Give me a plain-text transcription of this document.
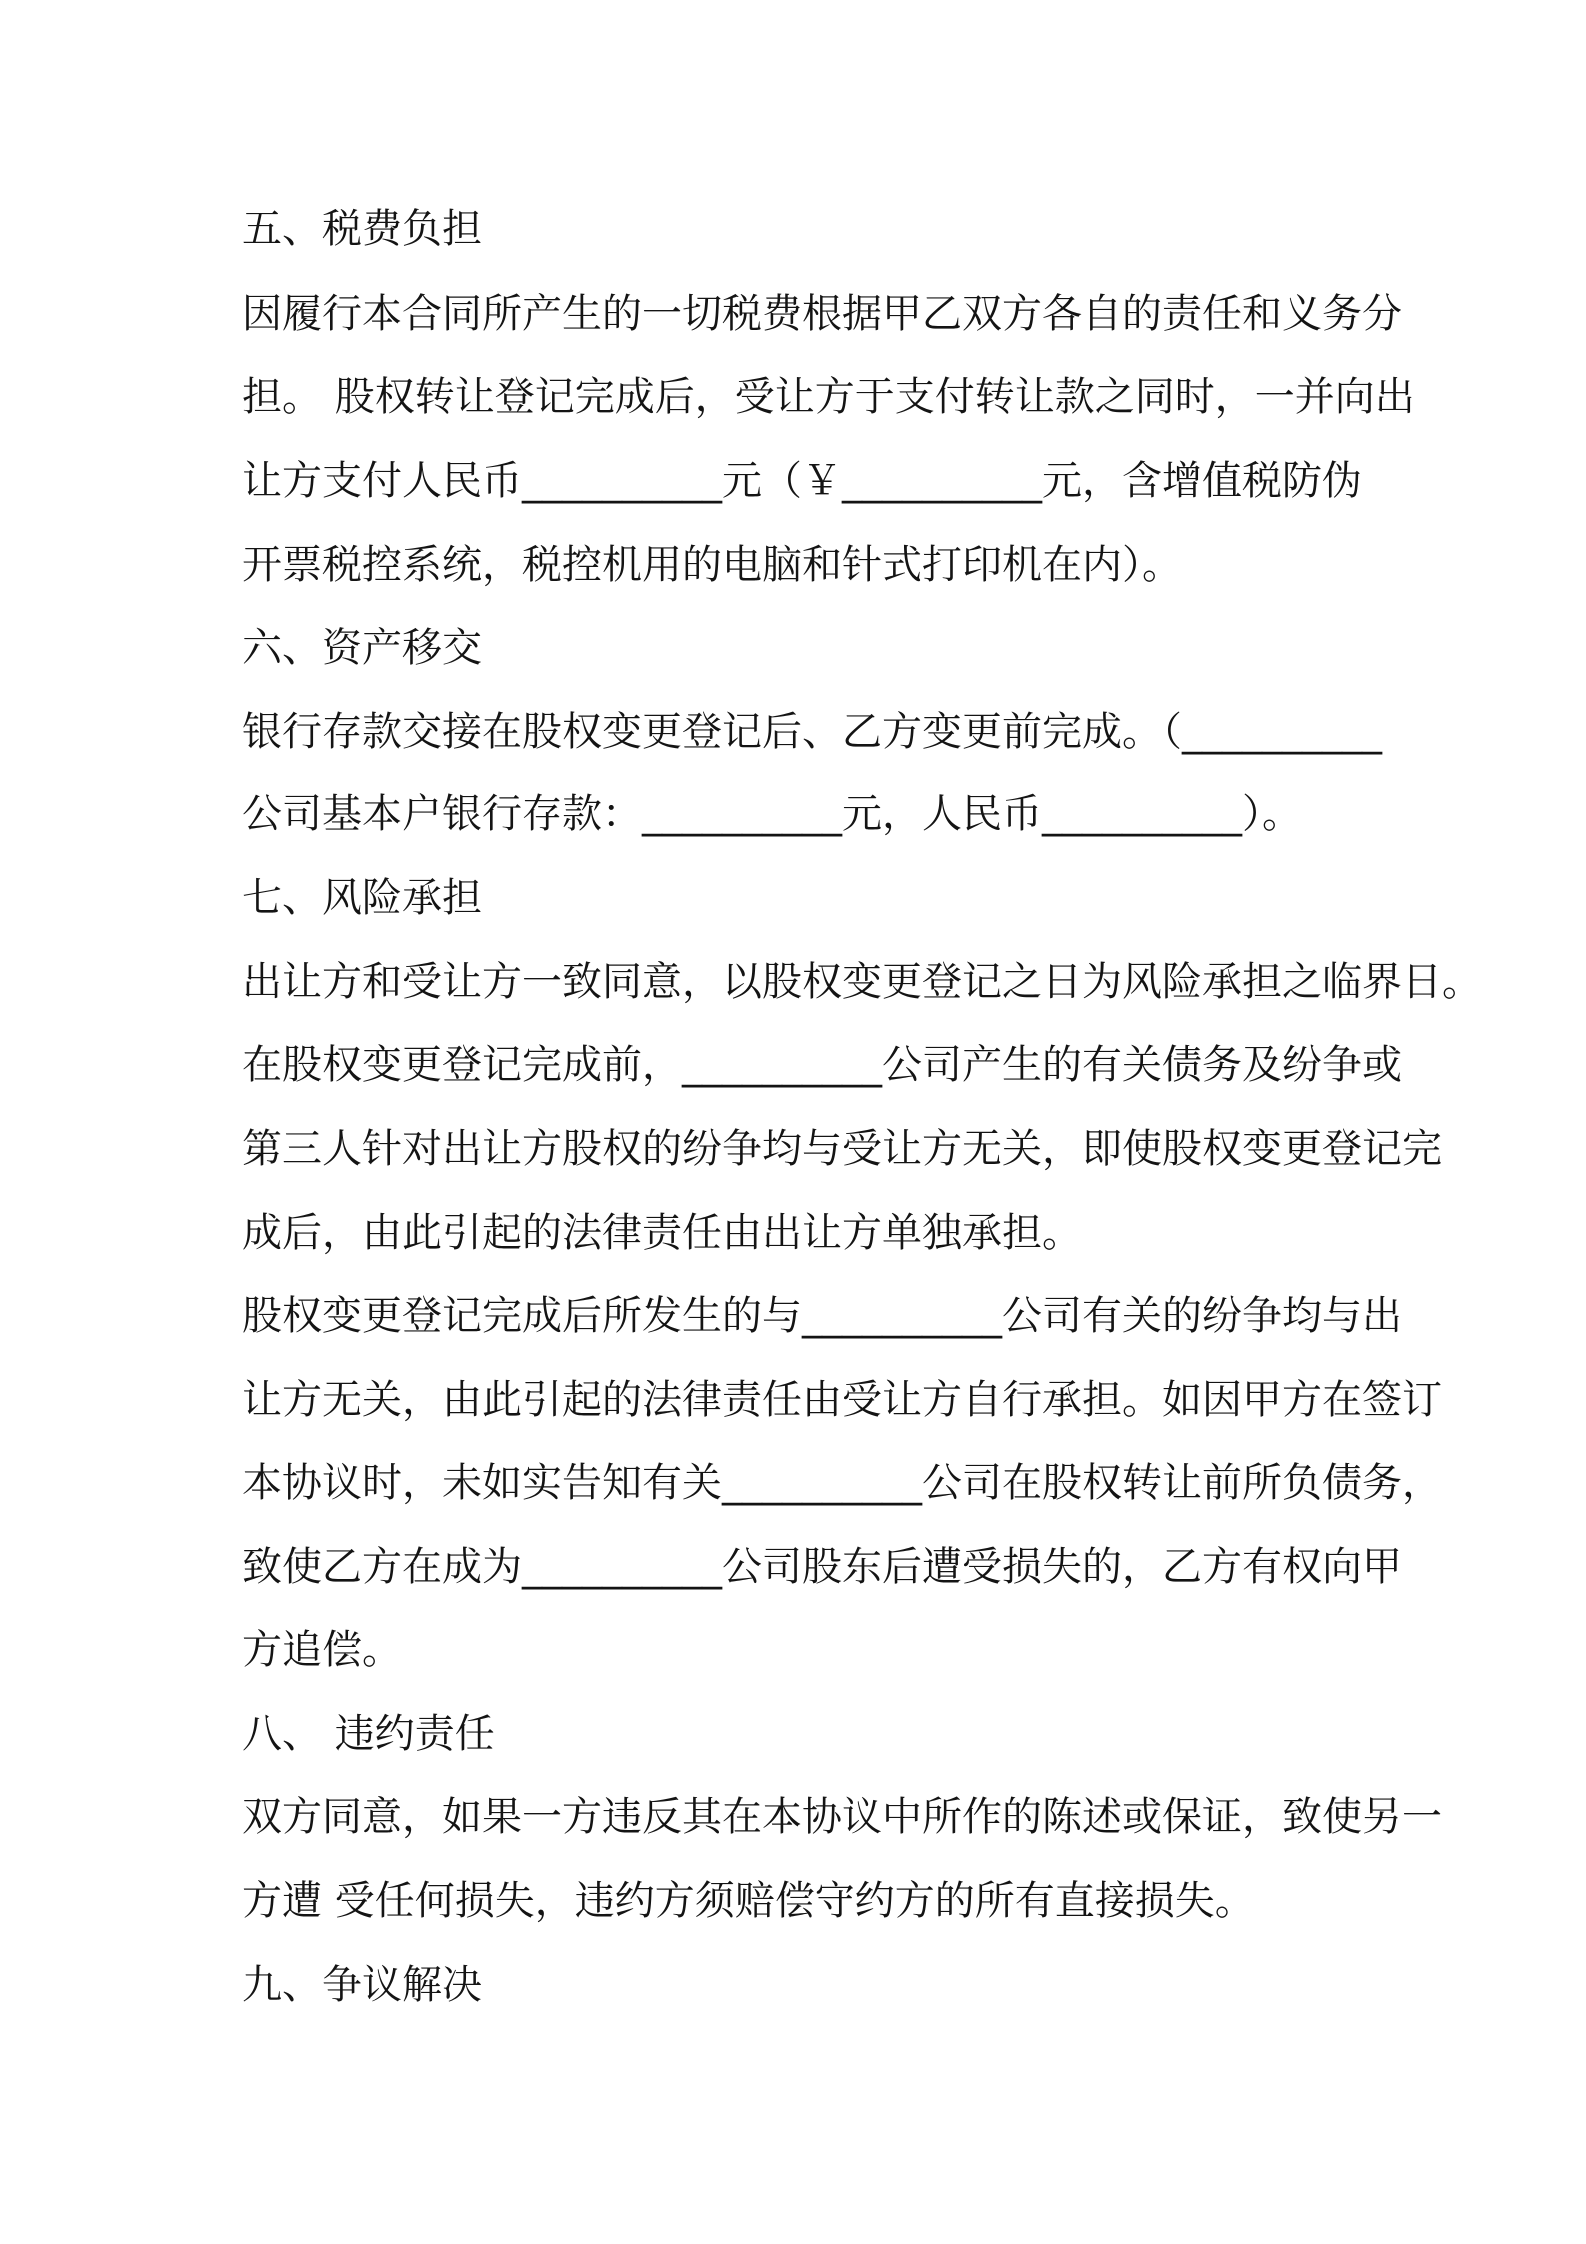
五、税费负担

因履行本合同所产生的一切税费根据甲乙双方各自的责任和义务分

担。 股权转让登记完成后，受让方于支付转让款之同时，一并向出

让方支付人民币__________元（￥__________元，含增值税防伪

开票税控系统，税控机用的电脑和针式打印机在内）。

六、资产移交

银行存款交接在股权变更登记后、乙方变更前完成。（__________

公司基本户银行存款：__________元，人民币__________）。

七、风险承担

出让方和受让方一致同意，以股权变更登记之日为风险承担之临界日。

在股权变更登记完成前，__________公司产生的有关债务及纷争或

第三人针对出让方股权的纷争均与受让方无关，即使股权变更登记完

成后，由此引起的法律责任由出让方单独承担。

股权变更登记完成后所发生的与__________公司有关的纷争均与出

让方无关，由此引起的法律责任由受让方自行承担。如因甲方在签订

本协议时，未如实告知有关__________公司在股权转让前所负债务，

致使乙方在成为__________公司股东后遭受损失的，乙方有权向甲

方追偿。

八、 违约责任

双方同意，如果一方违反其在本协议中所作的陈述或保证，致使另一

方遭 受任何损失，违约方须赔偿守约方的所有直接损失。

九、争议解决
